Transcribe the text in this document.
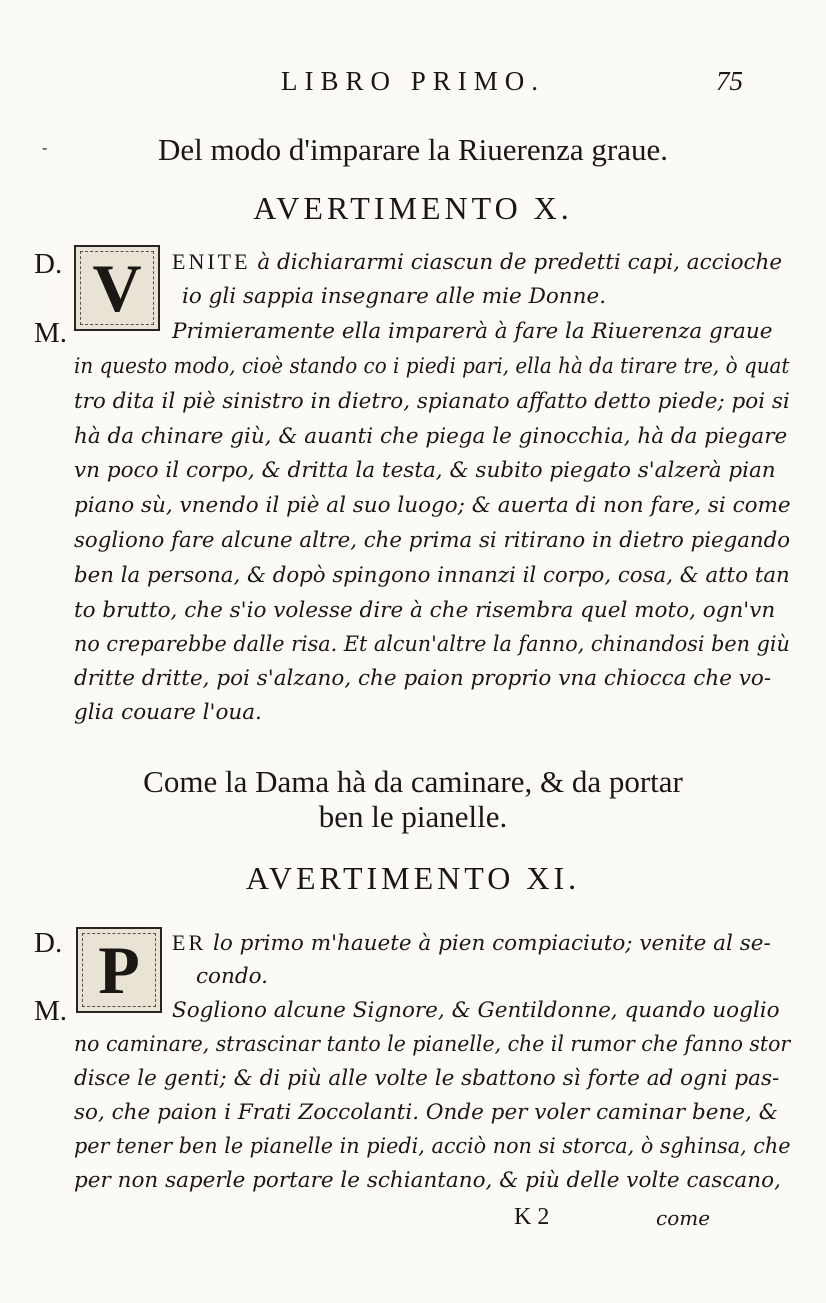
LIBRO PRIMO.	75
-	Del modo d'imparare la Riuerenza graue.
AVERTIMENTO X.
D. V
M.
ENITE à dichiararmi ciascun de predetti capi, accioche
io gli sappia insegnare alle mie Donne.
Primieramente ella imparerà à fare la Riuerenza graue
in questo modo, cioè stando co i piedi pari, ella hà da tirare tre, ò quat
tro dita il piè sinistro in dietro, spianato affatto detto piede; poi si
hà da chinare giù, & auanti che piega le ginocchia, hà da piegare
vn poco il corpo, & dritta la testa, & subito piegato s'alzerà pian
piano sù, vnendo il piè al suo luogo; & auerta di non fare, si come
sogliono fare alcune altre, che prima si ritirano in dietro piegando
ben la persona, & dopò spingono innanzi il corpo, cosa, & atto tan
to brutto, che s'io volesse dire à che risembra quel moto, ogn'vn
no creparebbe dalle risa. Et alcun'altre la fanno, chinandosi ben giù
dritte dritte, poi s'alzano, che paion proprio vna chiocca che vo-
glia couare l'oua.
Come la Dama hà da caminare, & da portar
ben le pianelle.
AVERTIMENTO XI.
D. P
M.
ER lo primo m'hauete à pien compiaciuto; venite al se-
condo.
Sogliono alcune Signore, & Gentildonne, quando uoglio
no caminare, strascinar tanto le pianelle, che il rumor che fanno stor
disce le genti; & di più alle volte le sbattono sì forte ad ogni pas-
so, che paion i Frati Zoccolanti. Onde per voler caminar bene, &
per tener ben le pianelle in piedi, acciò non si storca, ò sghinsa, che
per non saperle portare le schiantano, & più delle volte cascano,
K 2	come
